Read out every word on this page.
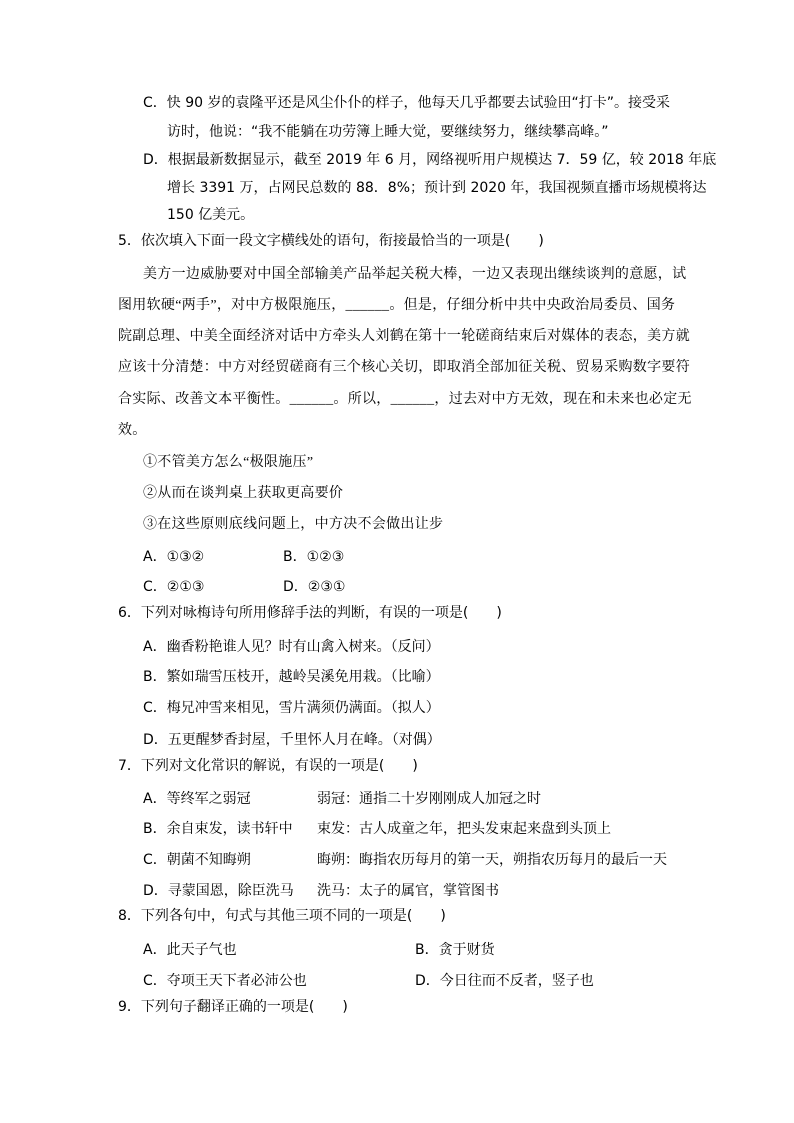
C．快 90 岁的袁隆平还是风尘仆仆的样子，他每天几乎都要去试验田“打卡”。接受采
访时，他说：“我不能躺在功劳簿上睡大觉，要继续努力，继续攀高峰。”
D．根据最新数据显示，截至 2019 年 6 月，网络视听用户规模达 7．59 亿，较 2018 年底
增长 3391 万，占网民总数的 88．8%；预计到 2020 年，我国视频直播市场规模将达
150 亿美元。
5．依次填入下面一段文字横线处的语句，衔接最恰当的一项是(　　)
美方一边威胁要对中国全部输美产品举起关税大棒，一边又表现出继续谈判的意愿，试
图用软硬“两手”，对中方极限施压，______。但是，仔细分析中共中央政治局委员、国务
院副总理、中美全面经济对话中方牵头人刘鹤在第十一轮磋商结束后对媒体的表态，美方就
应该十分清楚：中方对经贸磋商有三个核心关切，即取消全部加征关税、贸易采购数字要符
合实际、改善文本平衡性。______。所以，______，过去对中方无效，现在和未来也必定无
效。
①不管美方怎么“极限施压”
②从而在谈判桌上获取更高要价
③在这些原则底线问题上，中方决不会做出让步
A．①③②	B．①②③
C．②①③	D．②③①
6．下列对咏梅诗句所用修辞手法的判断，有误的一项是(　　)
A．幽香粉艳谁人见？时有山禽入树来。（反问）
B．繁如瑞雪压枝开，越岭吴溪免用栽。（比喻）
C．梅兄冲雪来相见，雪片满须仍满面。（拟人）
D．五更醒梦香封屋，千里怀人月在峰。（对偶）
7．下列对文化常识的解说，有误的一项是(　　)
A．等终军之弱冠	弱冠：通指二十岁刚刚成人加冠之时
B．余自束发，读书轩中 束发：古人成童之年，把头发束起来盘到头顶上
C．朝菌不知晦朔	晦朔：晦指农历每月的第一天，朔指农历每月的最后一天
D．寻蒙国恩，除臣洗马 洗马：太子的属官，掌管图书
8．下列各句中，句式与其他三项不同的一项是(　　)
A．此天子气也	B．贪于财货
C．夺项王天下者必沛公也	D．今日往而不反者，竖子也
9．下列句子翻译正确的一项是(　　)
